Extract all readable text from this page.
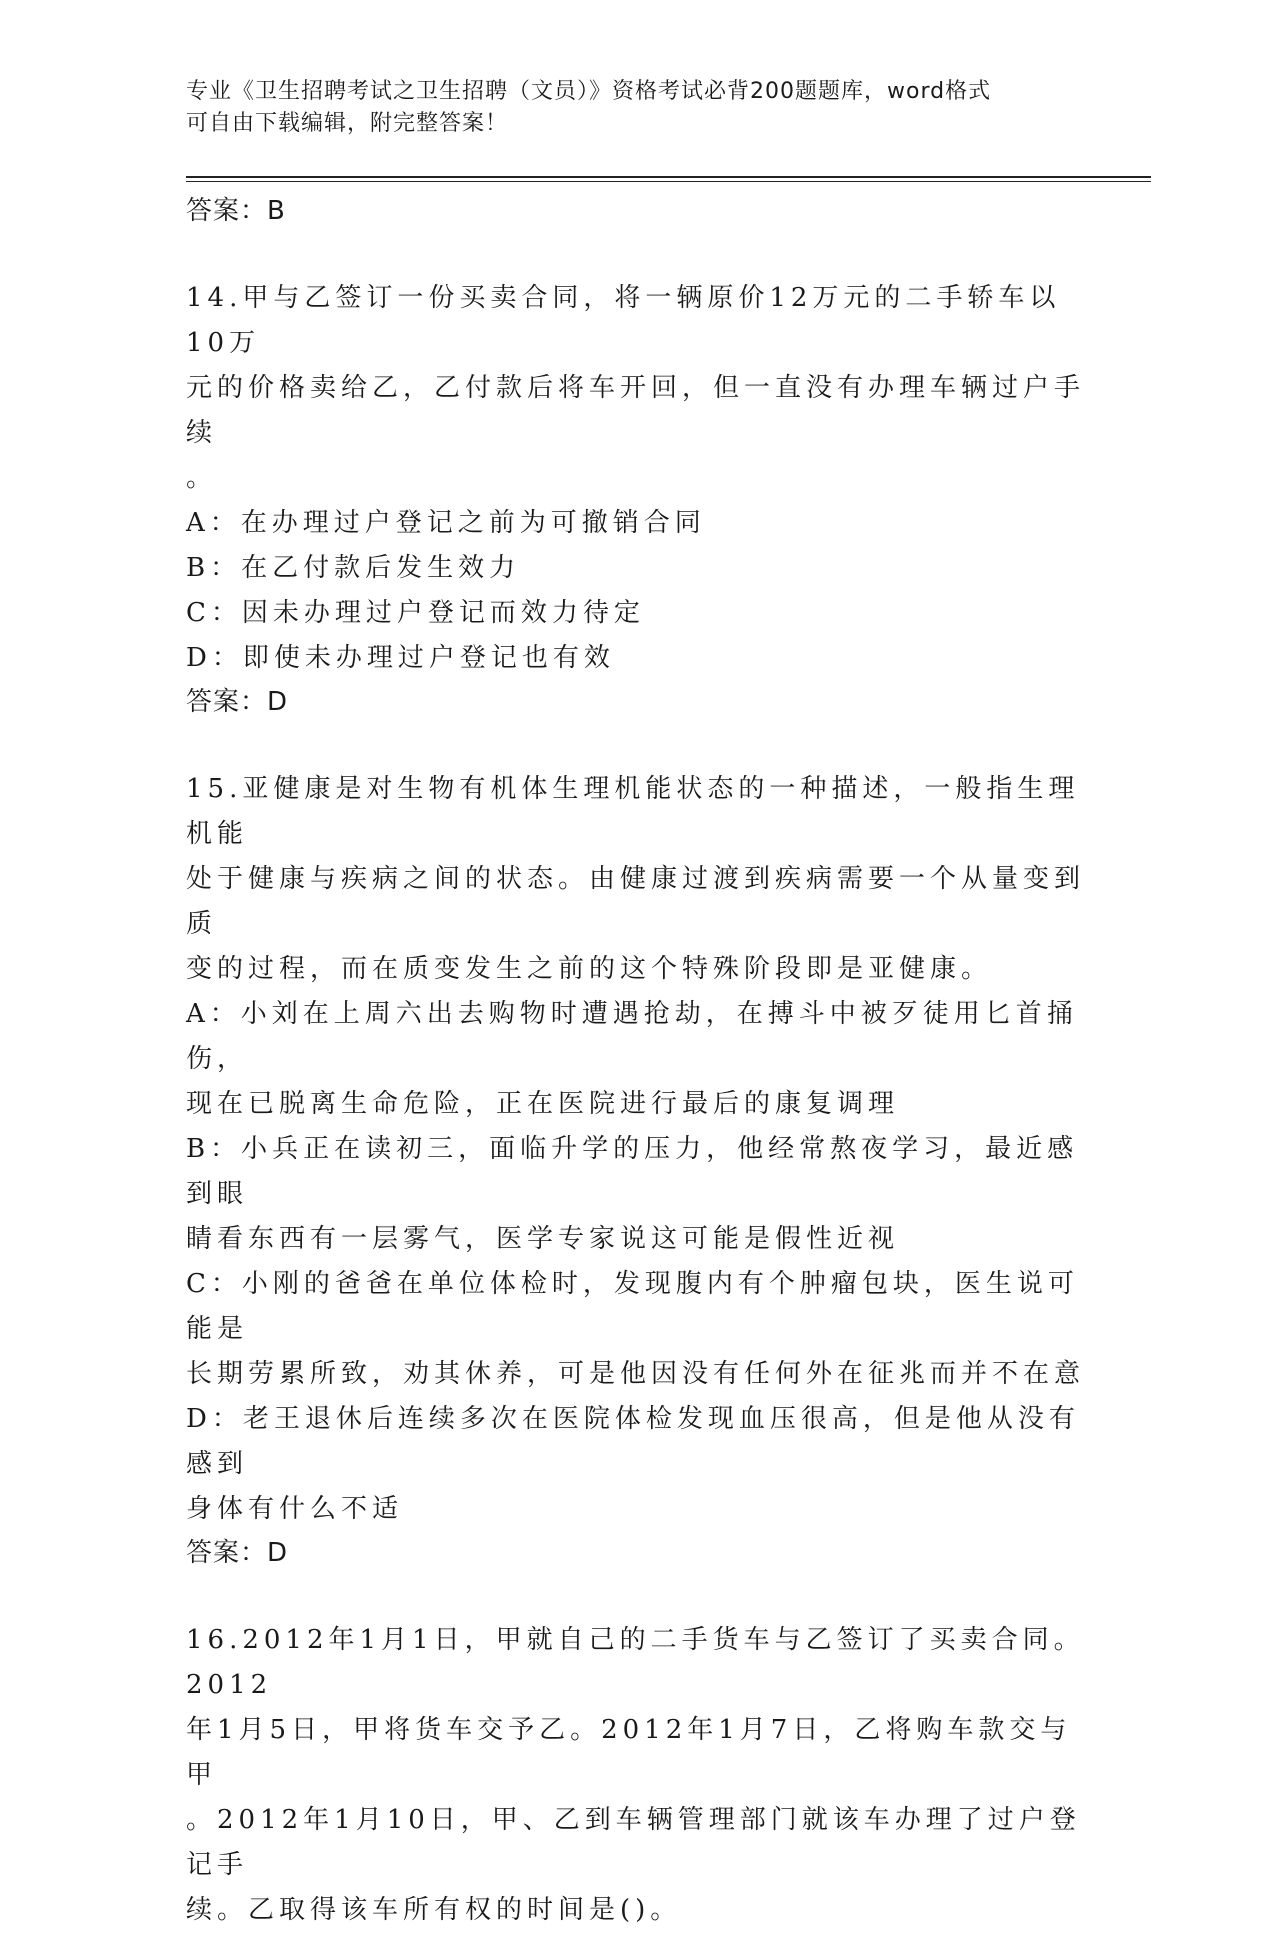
专业《卫生招聘考试之卫生招聘（文员）》资格考试必背200题题库，word格式
可自由下载编辑，附完整答案！

答案：B

14.甲与乙签订一份买卖合同，将一辆原价12万元的二手轿车以10万

元的价格卖给乙，乙付款后将车开回，但一直没有办理车辆过户手续

。

A：在办理过户登记之前为可撤销合同

B：在乙付款后发生效力

C：因未办理过户登记而效力待定

D：即使未办理过户登记也有效

答案：D

15.亚健康是对生物有机体生理机能状态的一种描述，一般指生理机能

处于健康与疾病之间的状态。由健康过渡到疾病需要一个从量变到质

变的过程，而在质变发生之前的这个特殊阶段即是亚健康。

A：小刘在上周六出去购物时遭遇抢劫，在搏斗中被歹徒用匕首捅伤，

现在已脱离生命危险，正在医院进行最后的康复调理

B：小兵正在读初三，面临升学的压力，他经常熬夜学习，最近感到眼

睛看东西有一层雾气，医学专家说这可能是假性近视

C：小刚的爸爸在单位体检时，发现腹内有个肿瘤包块，医生说可能是

长期劳累所致，劝其休养，可是他因没有任何外在征兆而并不在意

D：老王退休后连续多次在医院体检发现血压很高，但是他从没有感到

身体有什么不适

答案：D

16.2012年1月1日，甲就自己的二手货车与乙签订了买卖合同。2012

年1月5日，甲将货车交予乙。2012年1月7日，乙将购车款交与甲

。2012年1月10日，甲、乙到车辆管理部门就该车办理了过户登记手

续。乙取得该车所有权的时间是()。
